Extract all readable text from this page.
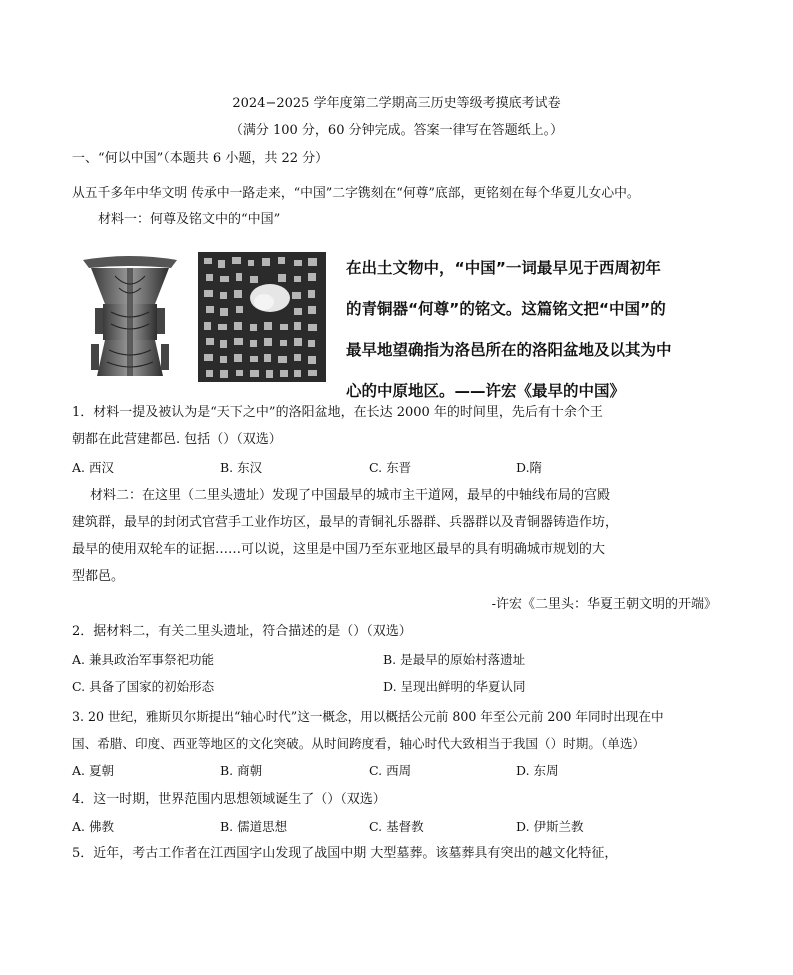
2024−2025 学年度第二学期高三历史等级考摸底考试卷
（满分 100 分，60 分钟完成。答案一律写在答题纸上。）
一、“何以中国”（本题共 6 小题，共 22 分）
从五千多年中华文明 传承中一路走来，“中国”二字镌刻在“何尊”底部，更铭刻在每个华夏儿女心中。
材料一：何尊及铭文中的“中国”
在出土文物中，“中国”一词最早见于西周初年
的青铜器“何尊”的铭文。这篇铭文把“中国”的
最早地望确指为洛邑所在的洛阳盆地及以其为中
心的中原地区。——许宏《最早的中国》
1．材料一提及被认为是“天下之中”的洛阳盆地，在长达 2000 年的时间里，先后有十余个王
朝都在此营建都邑. 包括（）（双选）
A. 西汉	B. 东汉	C. 东晋	D.隋
材料二：在这里（二里头遗址）发现了中国最早的城市主干道网，最早的中轴线布局的宫殿
建筑群，最早的封闭式官营手工业作坊区，最早的青铜礼乐器群、兵器群以及青铜器铸造作坊，
最早的使用双轮车的证据……可以说，这里是中国乃至东亚地区最早的具有明确城市规划的大
型都邑。
-许宏《二里头：华夏王朝文明的开端》
2．据材料二，有关二里头遗址，符合描述的是（）（双选）
A. 兼具政治军事祭祀功能	B. 是最早的原始村落遗址
C. 具备了国家的初始形态	D. 呈现出鲜明的华夏认同
3. 20 世纪，雅斯贝尔斯提出“轴心时代”这一概念，用以概括公元前 800 年至公元前 200 年同时出现在中
国、希腊、印度、西亚等地区的文化突破。从时间跨度看，轴心时代大致相当于我国（）时期。（单选）
A. 夏朝	B. 商朝	C. 西周	D. 东周
4．这一时期，世界范围内思想领域诞生了（）（双选）
A. 佛教	B. 儒道思想	C. 基督教	D. 伊斯兰教
5．近年，考古工作者在江西国字山发现了战国中期 大型墓葬。该墓葬具有突出的越文化特征，
